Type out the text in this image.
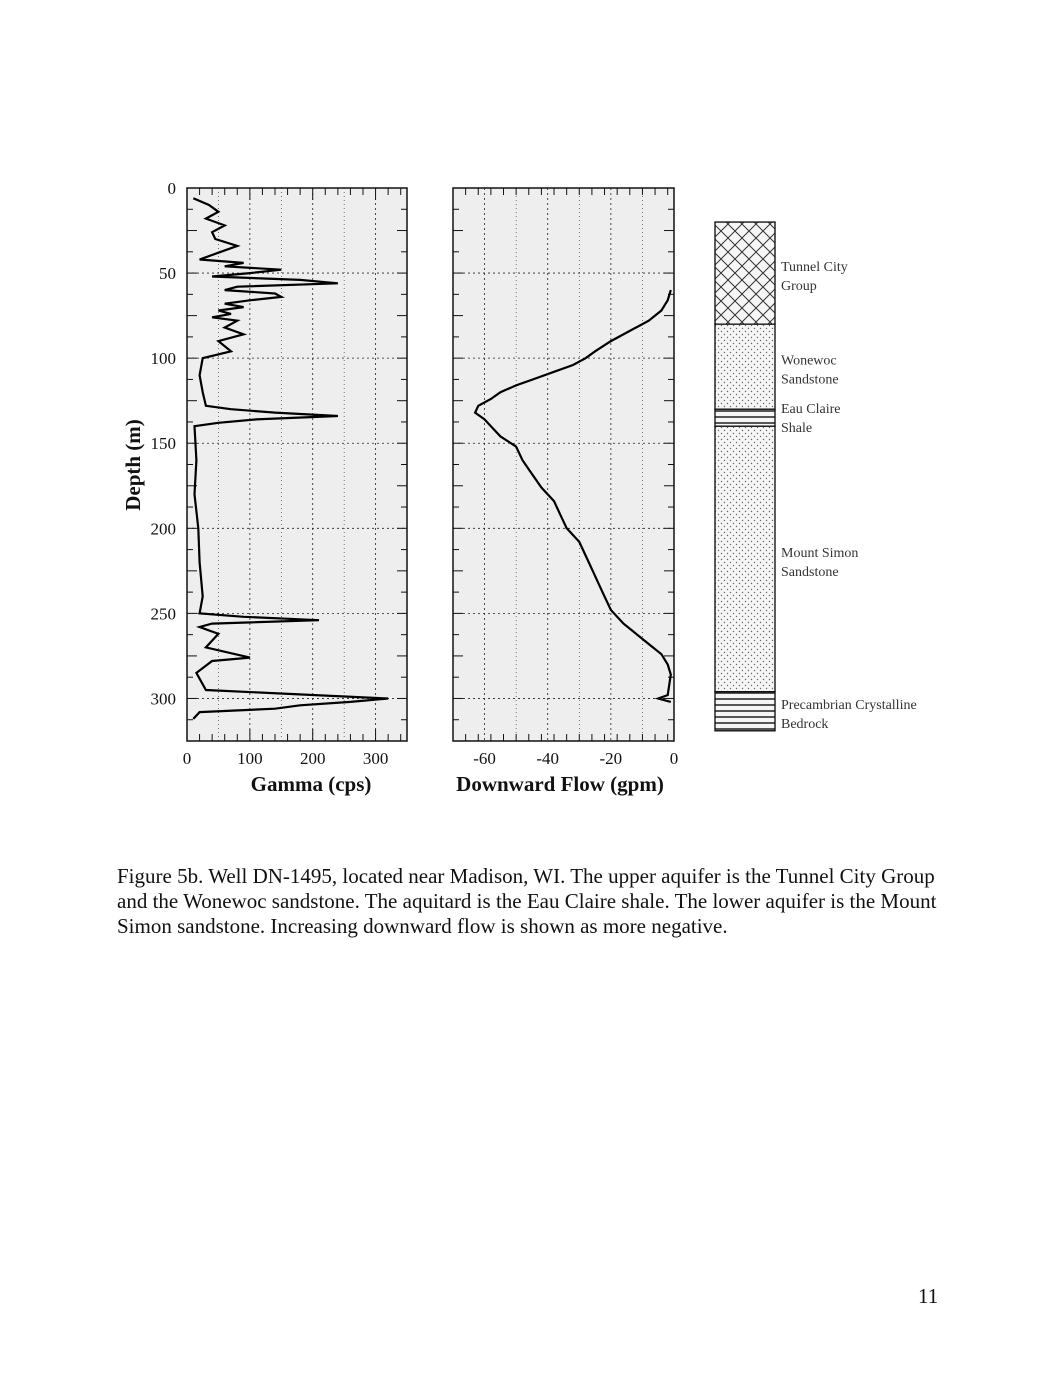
0	100 200 300
0
50
100
150
200
250
300
Gamma (cps)
Depth (m)
-60 -40 -20	0
Downward Flow (gpm)
Tunnel City
Group
Wonewoc
Sandstone
Eau Claire
Shale
Mount Simon
Sandstone
Precambrian Crystalline
Bedrock
Figure 5b. Well DN-1495, located near Madison, WI. The upper aquifer is the Tunnel City Group and the Wonewoc sandstone. The aquitard is the Eau Claire shale. The lower aquifer is the Mount Simon sandstone. Increasing downward flow is shown as more negative.
11
